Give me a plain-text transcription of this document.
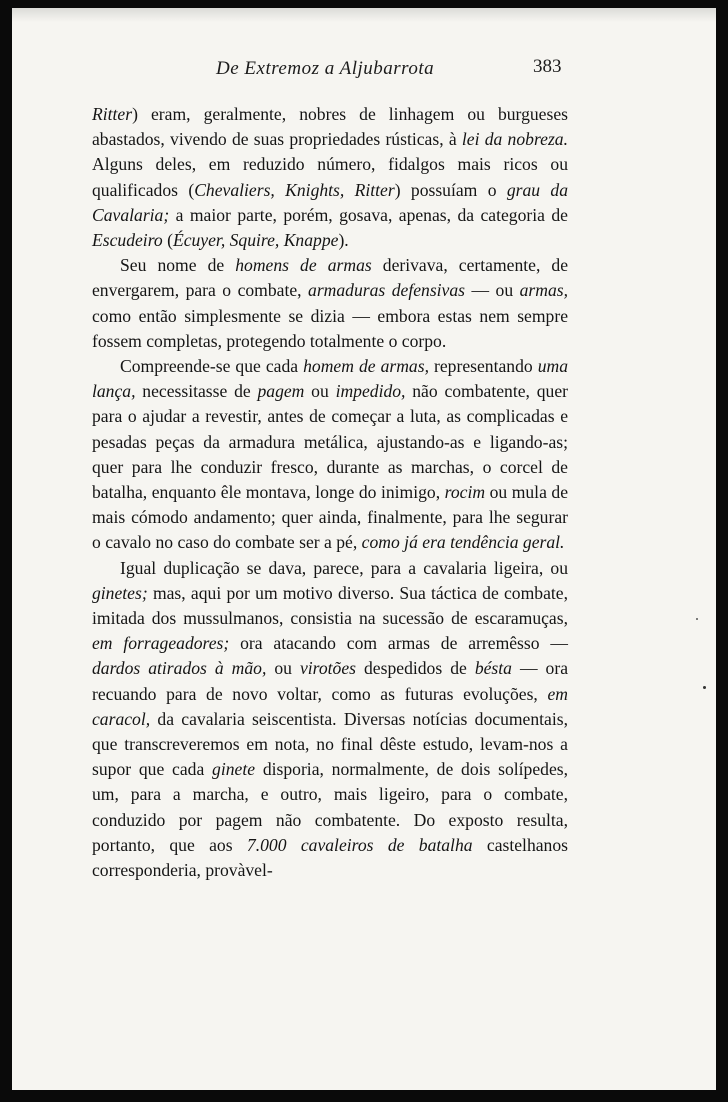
De Extremoz a Aljubarrota	383

Ritter) eram, geralmente, nobres de linhagem ou burgueses abastados, vivendo de suas propriedades rústicas, à lei da nobreza. Alguns deles, em reduzido número, fidalgos mais ricos ou qualificados (Chevaliers, Knights, Ritter) possuíam o grau da Cavalaria; a maior parte, porém, gosava, apenas, da categoria de Escudeiro (Écuyer, Squire, Knappe).

Seu nome de homens de armas derivava, certamente, de envergarem, para o combate, armaduras defensivas — ou armas, como então simplesmente se dizia — embora estas nem sempre fossem completas, protegendo totalmente o corpo.

Compreende-se que cada homem de armas, representando uma lança, necessitasse de pagem ou impedido, não combatente, quer para o ajudar a revestir, antes de começar a luta, as complicadas e pesadas peças da armadura metálica, ajustando-as e ligando-as; quer para lhe conduzir fresco, durante as marchas, o corcel de batalha, enquanto êle montava, longe do inimigo, rocim ou mula de mais cómodo andamento; quer ainda, finalmente, para lhe segurar o cavalo no caso do combate ser a pé, como já era tendência geral.

Igual duplicação se dava, parece, para a cavalaria ligeira, ou ginetes; mas, aqui por um motivo diverso. Sua táctica de combate, imitada dos mussulmanos, consistia na sucessão de escaramuças, em forrageadores; ora atacando com armas de arremêsso — dardos atirados à mão, ou virotões despedidos de bésta — ora recuando para de novo voltar, como as futuras evoluções, em caracol, da cavalaria seiscentista. Diversas notícias documentais, que transcreveremos em nota, no final dêste estudo, levam-nos a supor que cada ginete disporia, normalmente, de dois solípedes, um, para a marcha, e outro, mais ligeiro, para o combate, conduzido por pagem não combatente. Do exposto resulta, portanto, que aos 7.000 cavaleiros de batalha castelhanos corresponderia, provàvel-
